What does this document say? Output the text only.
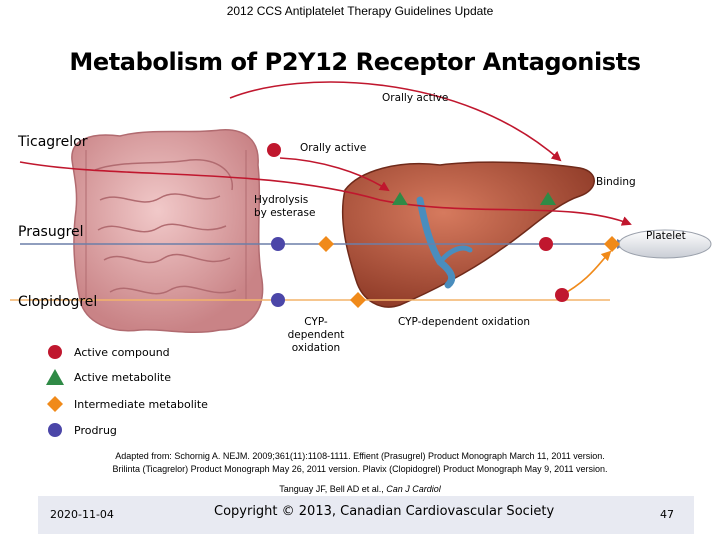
2012 CCS Antiplatelet Therapy Guidelines Update
Metabolism of P2Y12 Receptor Antagonists
Ticagrelor
Prasugrel
Clopidogrel
Orally active
Orally active
Binding
Hydrolysis
by esterase
Platelet
CYP-dependent
oxidation
CYP-dependent oxidation
Active compound
Active metabolite
Intermediate metabolite
Prodrug
Adapted from: Schornig A. NEJM. 2009;361(11):1108-1111. Effient (Prasugrel) Product Monograph March 11, 2011 version.
Brilinta (Ticagrelor) Product Monograph May 26, 2011 version. Plavix (Clopidogrel) Product Monograph May 9, 2011 version.
Tanguay JF, Bell AD et al., Can J Cardiol
2020-11-04	Copyright © 2013, Canadian Cardiovascular Society	47
